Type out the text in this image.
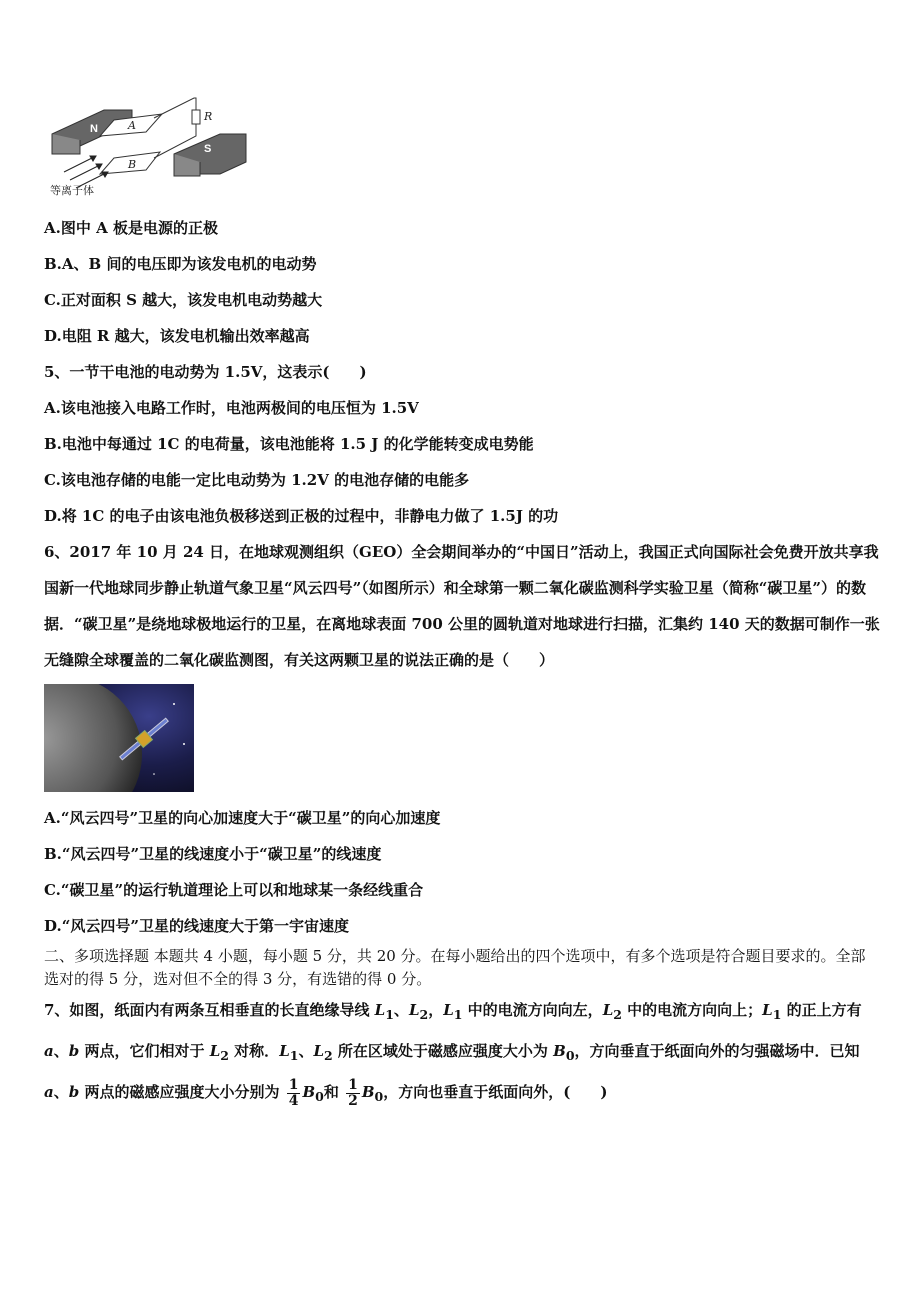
N	A
B
R
S
等离子体
A.图中 A 板是电源的正极
B.A、B 间的电压即为该发电机的电动势
C.正对面积 S 越大，该发电机电动势越大
D.电阻 R 越大，该发电机输出效率越高
5、一节干电池的电动势为 1.5V，这表示(　　)
A.该电池接入电路工作时，电池两极间的电压恒为 1.5V
B.电池中每通过 1C 的电荷量，该电池能将 1.5 J 的化学能转变成电势能
C.该电池存储的电能一定比电动势为 1.2V 的电池存储的电能多
D.将 1C 的电子由该电池负极移送到正极的过程中，非静电力做了 1.5J 的功
6、2017 年 10 月 24 日，在地球观测组织（GEO）全会期间举办的“中国日”活动上，我国正式向国际社会免费开放共享我国新一代地球同步静止轨道气象卫星“风云四号”（如图所示）和全球第一颗二氧化碳监测科学实验卫星（简称“碳卫星”）的数据．“碳卫星”是绕地球极地运行的卫星，在离地球表面 700 公里的圆轨道对地球进行扫描，汇集约 140 天的数据可制作一张无缝隙全球覆盖的二氧化碳监测图，有关这两颗卫星的说法正确的是（　　）
A.“风云四号”卫星的向心加速度大于“碳卫星”的向心加速度
B.“风云四号”卫星的线速度小于“碳卫星”的线速度
C.“碳卫星”的运行轨道理论上可以和地球某一条经线重合
D.“风云四号”卫星的线速度大于第一宇宙速度
二、多项选择题 本题共 4 小题，每小题 5 分，共 20 分。在每小题给出的四个选项中，有多个选项是符合题目要求的。全部选对的得 5 分，选对但不全的得 3 分，有选错的得 0 分。
7、如图，纸面内有两条互相垂直的长直绝缘导线 $L_1$、$L_2$，$L_1$ 中的电流方向向左，$L_2$ 中的电流方向向上；$L_1$ 的正上方有 a、b 两点，它们相对于 $L_2$ 对称．$L_1$、$L_2$ 所在区域处于磁感应强度大小为 $B_0$，方向垂直于纸面向外的匀强磁场中．已知 a、b 两点的磁感应强度大小分别为 $\frac{1}{4} B_0$和 $\frac{1}{2} B_0$，方向也垂直于纸面向外，(　　)
